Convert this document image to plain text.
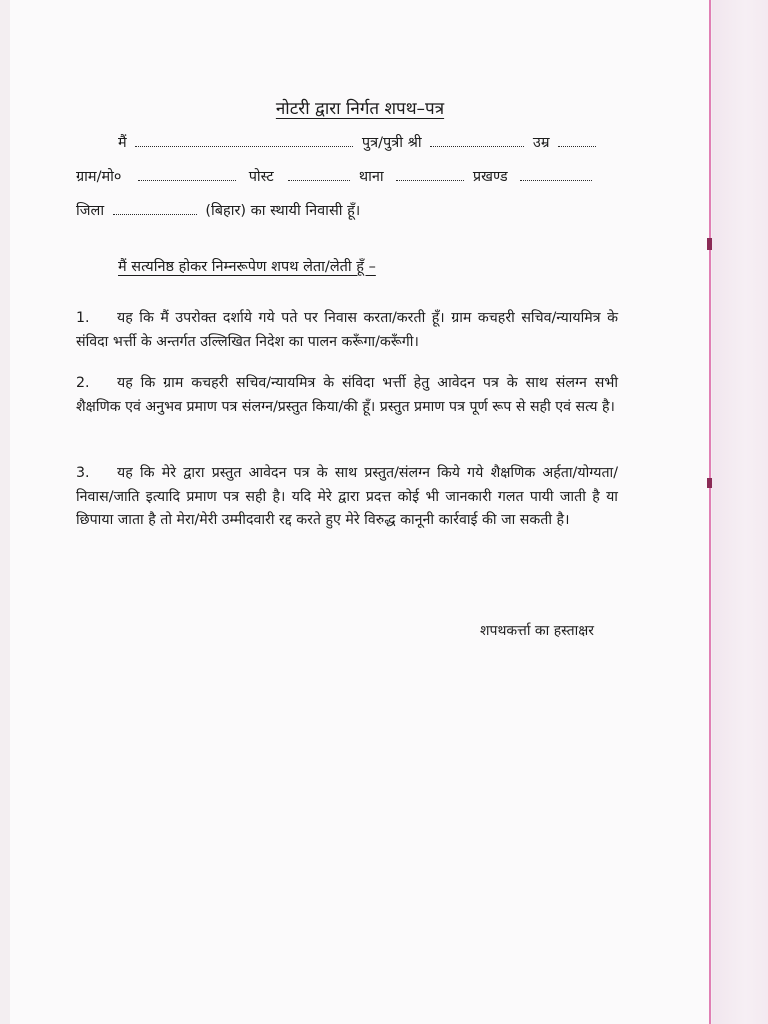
नोटरी द्वारा निर्गत शपथ–पत्र
मैं	पुत्र/पुत्री श्री	उम्र
ग्राम/मो०	पोस्ट	थाना	प्रखण्ड
जिला	(बिहार) का स्थायी निवासी हूँ।
मैं सत्यनिष्ठ होकर निम्नरूपेण शपथ लेता/लेती हूँ –
1. यह कि मैं उपरोक्त दर्शाये गये पते पर निवास करता/करती हूँ। ग्राम कचहरी सचिव/न्यायमित्र के संविदा भर्त्ती के अन्तर्गत उल्लिखित निदेश का पालन करूँगा/करूँगी।
2. यह कि ग्राम कचहरी सचिव/न्यायमित्र के संविदा भर्त्ती हेतु आवेदन पत्र के साथ संलग्न सभी शैक्षणिक एवं अनुभव प्रमाण पत्र संलग्न/प्रस्तुत किया/की हूँ। प्रस्तुत प्रमाण पत्र पूर्ण रूप से सही एवं सत्य है।
3. यह कि मेरे द्वारा प्रस्तुत आवेदन पत्र के साथ प्रस्तुत/संलग्न किये गये शैक्षणिक अर्हता/योग्यता/निवास/जाति इत्यादि प्रमाण पत्र सही है। यदि मेरे द्वारा प्रदत्त कोई भी जानकारी गलत पायी जाती है या छिपाया जाता है तो मेरा/मेरी उम्मीदवारी रद्द करते हुए मेरे विरुद्ध कानूनी कार्रवाई की जा सकती है।
शपथकर्त्ता का हस्ताक्षर
